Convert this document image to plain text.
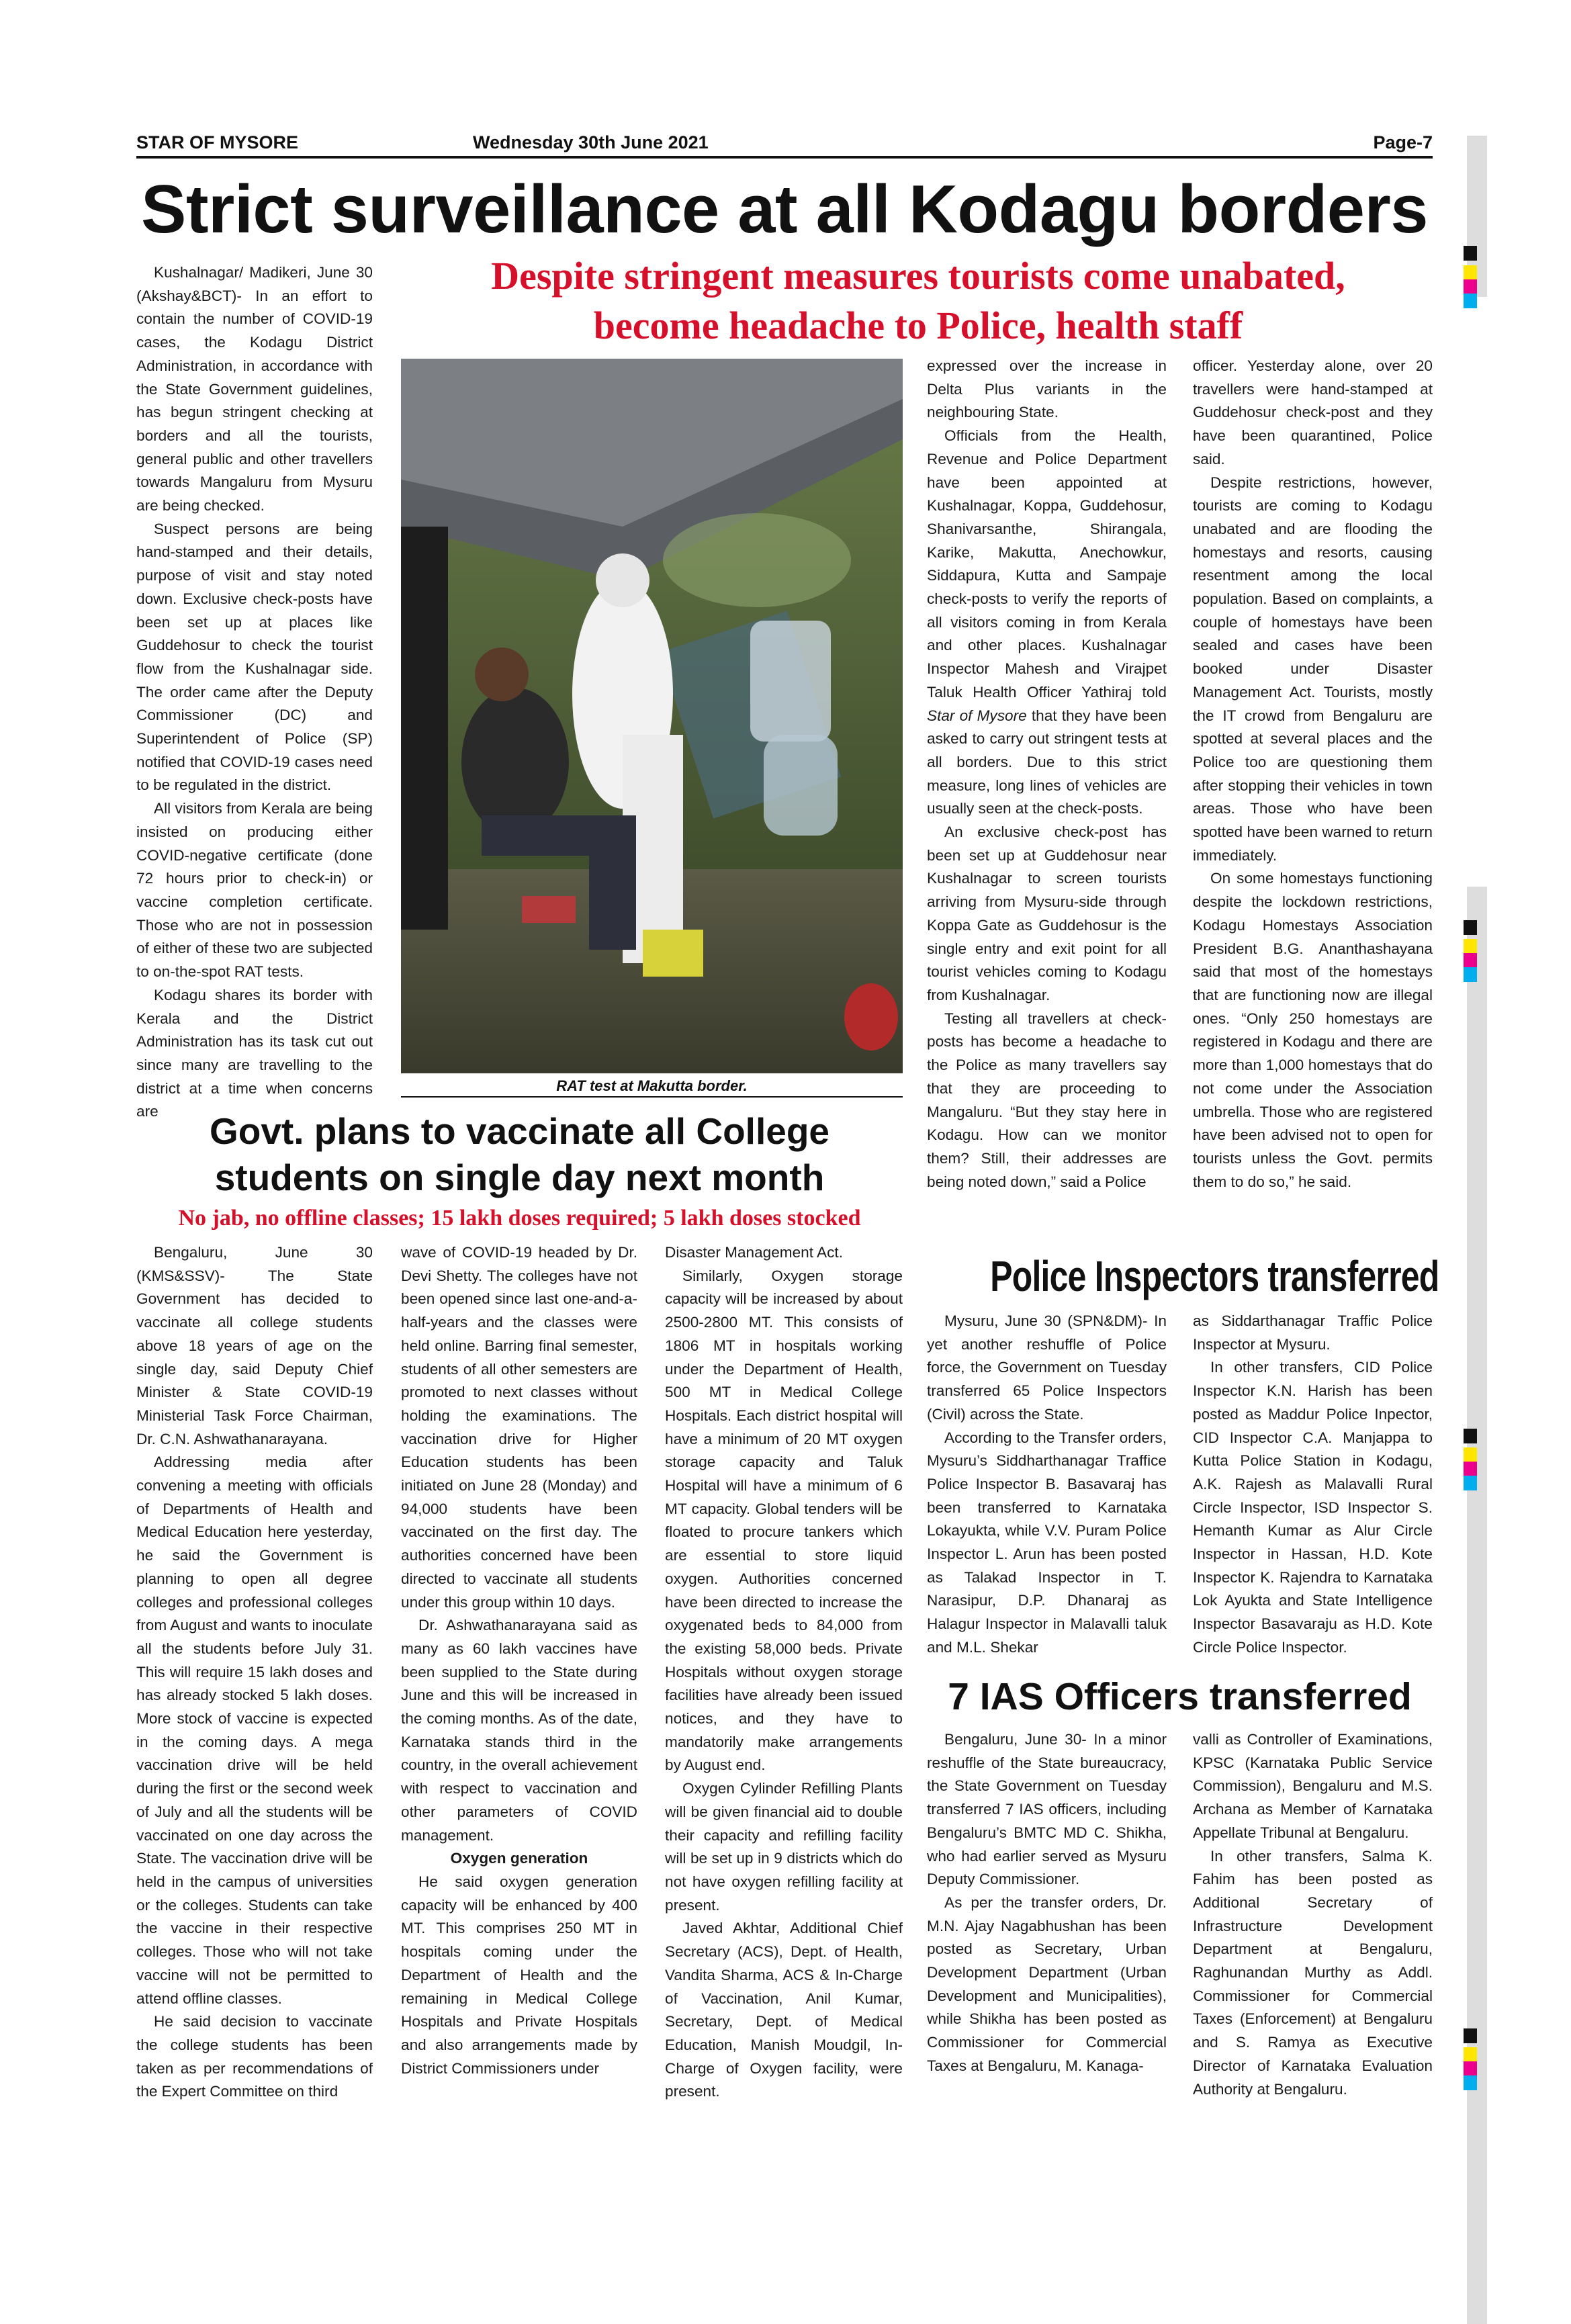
STAR OF MYSORE	Wednesday 30th June 2021	Page-7
Strict surveillance at all Kodagu borders
Despite stringent measures tourists come unabated,
become headache to Police, health staff

Kushalnagar/ Madikeri, June 30 (Akshay&BCT)- In an effort to contain the number of COVID-19 cases, the Kodagu District Administration, in accordance with the State Government guidelines, has begun stringent checking at borders and all the tourists, general public and other travellers towards Mangaluru from Mysuru are being checked.

Suspect persons are being hand-stamped and their details, purpose of visit and stay noted down. Exclusive check-posts have been set up at places like Guddehosur to check the tourist flow from the Kushalnagar side. The order came after the Deputy Commissioner (DC) and Superintendent of Police (SP) notified that COVID-19 cases need to be regulated in the district.

All visitors from Kerala are being insisted on producing either COVID-negative certificate (done 72 hours prior to check-in) or vaccine completion certificate. Those who are not in possession of either of these two are subjected to on-the-spot RAT tests.

Kodagu shares its border with Kerala and the District Administration has its task cut out since many are travelling to the district at a time when concerns are

RAT test at Makutta border.

expressed over the increase in Delta Plus variants in the neighbouring State.

Officials from the Health, Revenue and Police Department have been appointed at Kushalnagar, Koppa, Guddehosur, Shanivarsanthe, Shirangala, Karike, Makutta, Anechowkur, Siddapura, Kutta and Sampaje check-posts to verify the reports of all visitors coming in from Kerala and other places. Kushalnagar Inspector Mahesh and Virajpet Taluk Health Officer Yathiraj told Star of Mysore that they have been asked to carry out stringent tests at all borders. Due to this strict measure, long lines of vehicles are usually seen at the check-posts.

An exclusive check-post has been set up at Guddehosur near Kushalnagar to screen tourists arriving from Mysuru-side through Koppa Gate as Guddehosur is the single entry and exit point for all tourist vehicles coming to Kodagu from Kushalnagar.

Testing all travellers at check-posts has become a headache to the Police as many travellers say that they are proceeding to Mangaluru. “But they stay here in Kodagu. How can we monitor them? Still, their addresses are being noted down,” said a Police

officer. Yesterday alone, over 20 travellers were hand-stamped at Guddehosur check-post and they have been quarantined, Police said.

Despite restrictions, however, tourists are coming to Kodagu unabated and are flooding the homestays and resorts, causing resentment among the local population. Based on complaints, a couple of homestays have been sealed and cases have been booked under Disaster Management Act. Tourists, mostly the IT crowd from Bengaluru are spotted at several places and the Police too are questioning them after stopping their vehicles in town areas. Those who have been spotted have been warned to return immediately.

On some homestays functioning despite the lockdown restrictions, Kodagu Homestays Association President B.G. Ananthashayana said that most of the homestays that are functioning now are illegal ones. “Only 250 homestays are registered in Kodagu and there are more than 1,000 homestays that do not come under the Association umbrella. Those who are registered have been advised not to open for tourists unless the Govt. permits them to do so,” he said.

Govt. plans to vaccinate all College
students on single day next month
No jab, no offline classes; 15 lakh doses required; 5 lakh doses stocked

Bengaluru, June 30 (KMS&SSV)- The State Government has decided to vaccinate all college students above 18 years of age on the single day, said Deputy Chief Minister & State COVID-19 Ministerial Task Force Chairman, Dr. C.N. Ashwathanarayana.

Addressing media after convening a meeting with officials of Departments of Health and Medical Education here yesterday, he said the Government is planning to open all degree colleges and professional colleges from August and wants to inoculate all the students before July 31. This will require 15 lakh doses and has already stocked 5 lakh doses. More stock of vaccine is expected in the coming days. A mega vaccination drive will be held during the first or the second week of July and all the students will be vaccinated on one day across the State. The vaccination drive will be held in the campus of universities or the colleges. Students can take the vaccine in their respective colleges. Those who will not take vaccine will not be permitted to attend offline classes.

He said decision to vaccinate the college students has been taken as per recommendations of the Expert Committee on third

wave of COVID-19 headed by Dr. Devi Shetty. The colleges have not been opened since last one-and-a-half-years and the classes were held online. Barring final semester, students of all other semesters are promoted to next classes without holding the examinations. The vaccination drive for Higher Education students has been initiated on June 28 (Monday) and 94,000 students have been vaccinated on the first day. The authorities concerned have been directed to vaccinate all students under this group within 10 days.

Dr. Ashwathanarayana said as many as 60 lakh vaccines have been supplied to the State during June and this will be increased in the coming months. As of the date, Karnataka stands third in the country, in the overall achievement with respect to vaccination and other parameters of COVID management.

Oxygen generation

He said oxygen generation capacity will be enhanced by 400 MT. This comprises 250 MT in hospitals coming under the Department of Health and the remaining in Medical College Hospitals and Private Hospitals and also arrangements made by District Commissioners under

Disaster Management Act.

Similarly, Oxygen storage capacity will be increased by about 2500-2800 MT. This consists of 1806 MT in hospitals working under the Department of Health, 500 MT in Medical College Hospitals. Each district hospital will have a minimum of 20 MT oxygen storage capacity and Taluk Hospital will have a minimum of 6 MT capacity. Global tenders will be floated to procure tankers which are essential to store liquid oxygen. Authorities concerned have been directed to increase the oxygenated beds to 84,000 from the existing 58,000 beds. Private Hospitals without oxygen storage facilities have already been issued notices, and they have to mandatorily make arrangements by August end.

Oxygen Cylinder Refilling Plants will be given financial aid to double their capacity and refilling facility will be set up in 9 districts which do not have oxygen refilling facility at present.

Javed Akhtar, Additional Chief Secretary (ACS), Dept. of Health, Vandita Sharma, ACS & In-Charge of Vaccination, Anil Kumar, Secretary, Dept. of Medical Education, Manish Moudgil, In-Charge of Oxygen facility, were present.

Police Inspectors transferred

Mysuru, June 30 (SPN&DM)- In yet another reshuffle of Police force, the Government on Tuesday transferred 65 Police Inspectors (Civil) across the State.

According to the Transfer orders, Mysuru’s Siddharthanagar Traffice Police Inspector B. Basavaraj has been transferred to Karnataka Lokayukta, while V.V. Puram Police Inspector L. Arun has been posted as Talakad Inspector in T. Narasipur, D.P. Dhanaraj as Halagur Inspector in Malavalli taluk and M.L. Shekar

as Siddarthanagar Traffic Police Inspector at Mysuru.

In other transfers, CID Police Inspector K.N. Harish has been posted as Maddur Police Inpector, CID Inspector C.A. Manjappa to Kutta Police Station in Kodagu, A.K. Rajesh as Malavalli Rural Circle Inspector, ISD Inspector S. Hemanth Kumar as Alur Circle Inspector in Hassan, H.D. Kote Inspector K. Rajendra to Karnataka Lok Ayukta and State Intelligence Inspector Basavaraju as H.D. Kote Circle Police Inspector.

7 IAS Officers transferred

Bengaluru, June 30- In a minor reshuffle of the State bureaucracy, the State Government on Tuesday transferred 7 IAS officers, including Bengaluru’s BMTC MD C. Shikha, who had earlier served as Mysuru Deputy Commissioner.

As per the transfer orders, Dr. M.N. Ajay Nagabhushan has been posted as Secretary, Urban Development Department (Urban Development and Municipalities), while Shikha has been posted as Commissioner for Commercial Taxes at Bengaluru, M. Kanaga-

valli as Controller of Examinations, KPSC (Karnataka Public Service Commission), Bengaluru and M.S. Archana as Member of Karnataka Appellate Tribunal at Bengaluru.

In other transfers, Salma K. Fahim has been posted as Additional Secretary of Infrastructure Development Department at Bengaluru, Raghunandan Murthy as Addl. Commissioner for Commercial Taxes (Enforcement) at Bengaluru and S. Ramya as Executive Director of Karnataka Evaluation Authority at Bengaluru.
